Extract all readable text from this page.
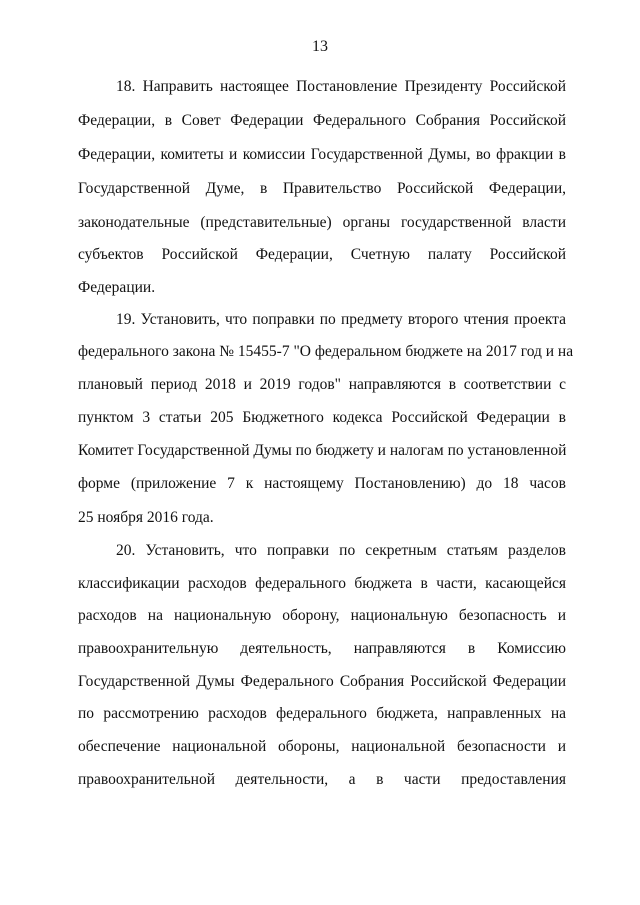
13
18. Направить настоящее Постановление Президенту Российской
Федерации, в Совет Федерации Федерального Собрания Российской
Федерации, комитеты и комиссии Государственной Думы, во фракции в
Государственной Думе, в Правительство Российской Федерации,
законодательные (представительные) органы государственной власти
субъектов Российской Федерации, Счетную палату Российской
Федерации.
19. Установить, что поправки по предмету второго чтения проекта
федерального закона № 15455-7 "О федеральном бюджете на 2017 год и на
плановый период 2018 и 2019 годов" направляются в соответствии с
пунктом 3 статьи 205 Бюджетного кодекса Российской Федерации в
Комитет Государственной Думы по бюджету и налогам по установленной
форме (приложение 7 к настоящему Постановлению) до 18 часов
25 ноября 2016 года.
20. Установить, что поправки по секретным статьям разделов
классификации расходов федерального бюджета в части, касающейся
расходов на национальную оборону, национальную безопасность и
правоохранительную деятельность, направляются в Комиссию
Государственной Думы Федерального Собрания Российской Федерации
по рассмотрению расходов федерального бюджета, направленных на
обеспечение национальной обороны, национальной безопасности и
правоохранительной деятельности, а в части предоставления
